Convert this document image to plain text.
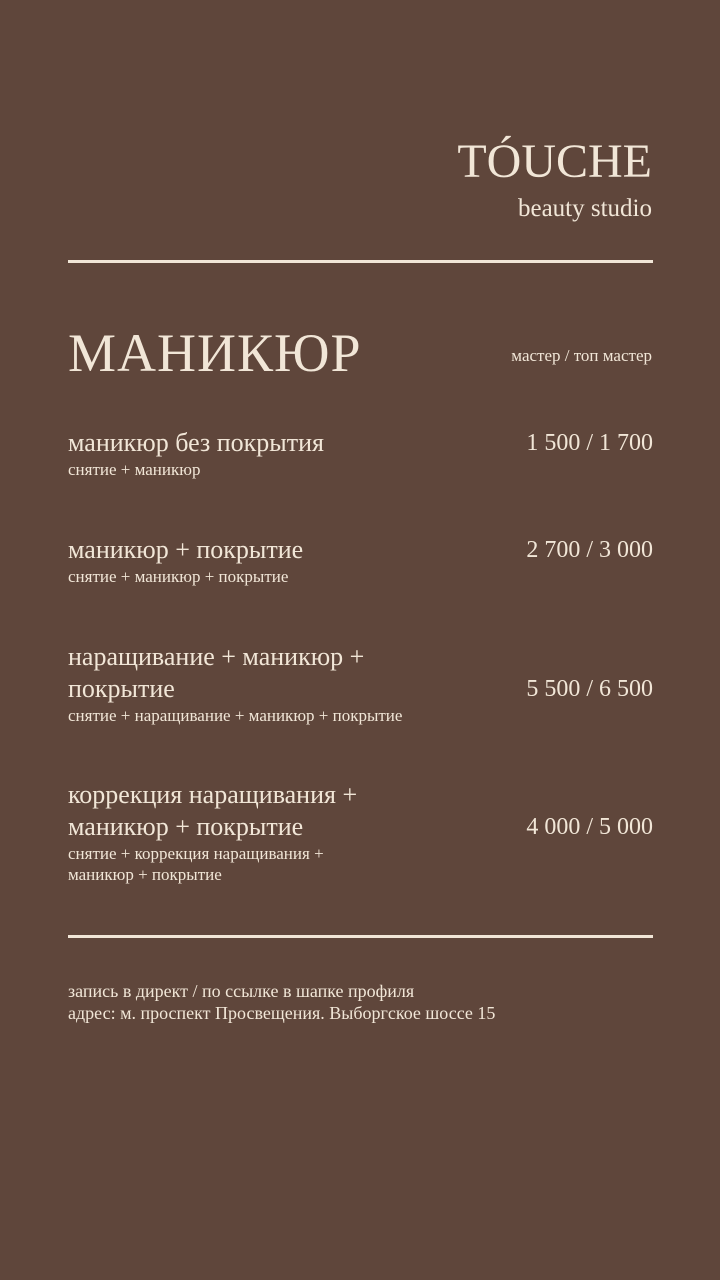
TÓUCHE
beauty studio
МАНИКЮР	мастер / топ мастер
маникюр без покрытия
снятие + маникюр
1 500 / 1 700
маникюр + покрытие
снятие + маникюр + покрытие
2 700 / 3 000
наращивание + маникюр + покрытие
снятие + наращивание + маникюр + покрытие
5 500 / 6 500
коррекция наращивания + маникюр + покрытие
снятие + коррекция наращивания + маникюр + покрытие
4 000 / 5 000
запись в директ / по ссылке в шапке профиля
адрес: м. проспект Просвещения. Выборгское шоссе 15
